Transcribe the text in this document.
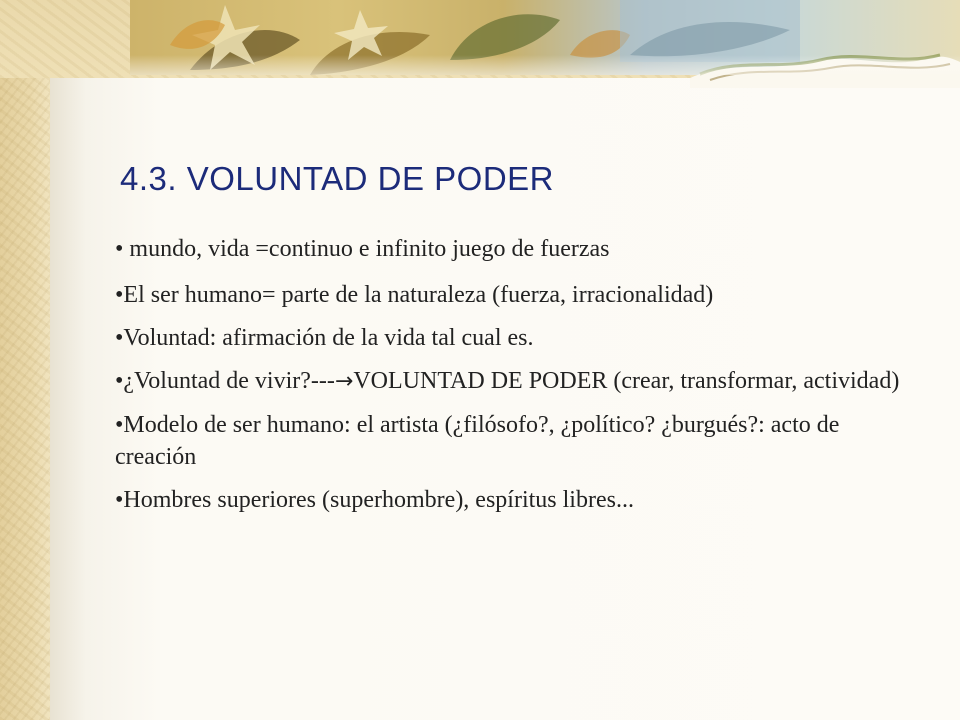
4.3. VOLUNTAD DE PODER
• mundo, vida =continuo e infinito juego de fuerzas
•El ser humano= parte de la naturaleza (fuerza, irracionalidad)
•Voluntad: afirmación de la vida tal cual es.
•¿Voluntad de vivir?---→VOLUNTAD DE PODER (crear, transformar, actividad)
•Modelo de ser humano: el artista (¿filósofo?, ¿político? ¿burgués?: acto de creación
•Hombres superiores (superhombre), espíritus libres...
